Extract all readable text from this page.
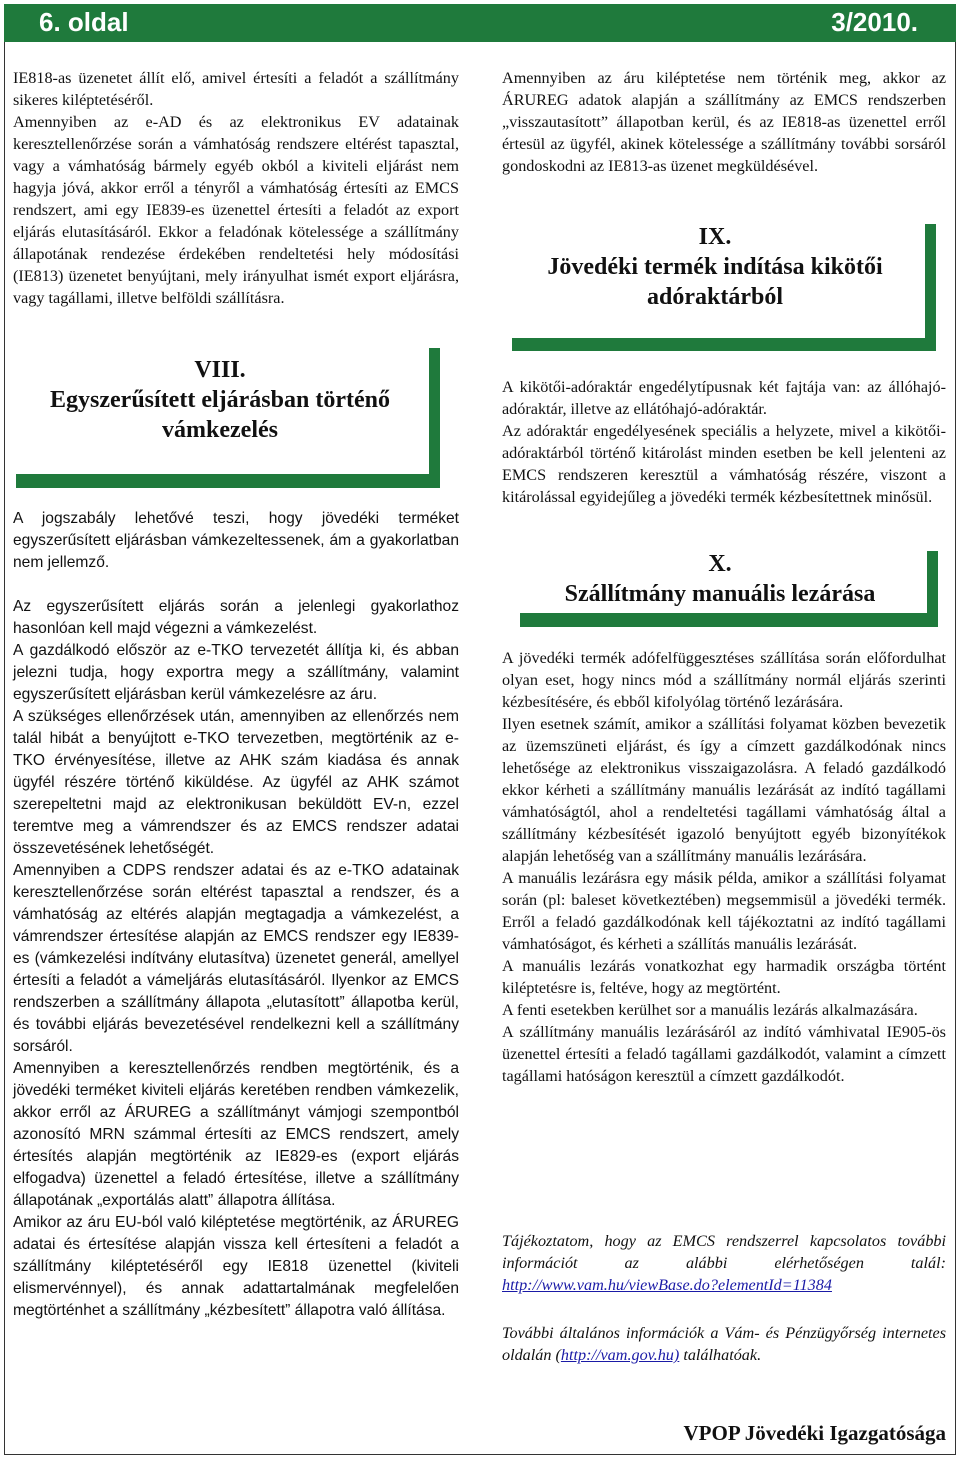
6. oldal	3/2010.

IE818-as üzenetet állít elő, amivel értesíti a feladót a szállítmány sikeres kiléptetéséről.

Amennyiben az e-AD és az elektronikus EV adatainak keresztellenőrzése során a vámhatóság rendszere eltérést tapasztal, vagy a vámhatóság bármely egyéb okból a kiviteli eljárást nem hagyja jóvá, akkor erről a tényről a vámhatóság értesíti az EMCS rendszert, ami egy IE839-es üzenettel értesíti a feladót az export eljárás elutasításáról. Ekkor a feladónak kötelessége a szállítmány állapotának rendezése érdekében rendeltetési hely módosítási (IE813) üzenetet benyújtani, mely irányulhat ismét export eljárásra, vagy tagállami, illetve belföldi szállításra.

VIII.
Egyszerűsített eljárásban történő vámkezelés

A jogszabály lehetővé teszi, hogy jövedéki terméket egyszerűsített eljárásban vámkezeltessenek, ám a gyakorlatban nem jellemző.

Az egyszerűsített eljárás során a jelenlegi gyakorlathoz hasonlóan kell majd végezni a vámkezelést.

A gazdálkodó először az e-TKO tervezetét állítja ki, és abban jelezni tudja, hogy exportra megy a szállítmány, valamint egyszerűsített eljárásban kerül vámkezelésre az áru.

A szükséges ellenőrzések után, amennyiben az ellenőrzés nem talál hibát a benyújtott e-TKO tervezetben, megtörténik az e-TKO érvényesítése, illetve az AHK szám kiadása és annak ügyfél részére történő kiküldése. Az ügyfél az AHK számot szerepeltetni majd az elektronikusan beküldött EV-n, ezzel teremtve meg a vámrendszer és az EMCS rendszer adatai összevetésének lehetőségét.

Amennyiben a CDPS rendszer adatai és az e-TKO adatainak keresztellenőrzése során eltérést tapasztal a rendszer, és a vámhatóság az eltérés alapján megtagadja a vámkezelést, a vámrendszer értesítése alapján az EMCS rendszer egy IE839-es (vámkezelési indítvány elutasítva) üzenetet generál, amellyel értesíti a feladót a vámeljárás elutasításáról. Ilyenkor az EMCS rendszerben a szállítmány állapota „elutasított” állapotba kerül, és további eljárás bevezetésével rendelkezni kell a szállítmány sorsáról.

Amennyiben a keresztellenőrzés rendben megtörténik, és a jövedéki terméket kiviteli eljárás keretében rendben vámkezelik, akkor erről az ÁRUREG a szállítmányt vámjogi szempontból azonosító MRN számmal értesíti az EMCS rendszert, amely értesítés alapján megtörténik az IE829-es (export eljárás elfogadva) üzenettel a feladó értesítése, illetve a szállítmány állapotának „exportálás alatt” állapotra állítása.

Amikor az áru EU-ból való kiléptetése megtörténik, az ÁRUREG adatai és értesítése alapján vissza kell értesíteni a feladót a szállítmány kiléptetéséről egy IE818 üzenettel (kiviteli elismervénnyel), és annak adattartalmának megfelelően megtörténhet a szállítmány „kézbesített” állapotra való állítása.

Amennyiben az áru kiléptetése nem történik meg, akkor az ÁRUREG adatok alapján a szállítmány az EMCS rendszerben „visszautasított” állapotban kerül, és az IE818-as üzenettel erről értesül az ügyfél, akinek kötelessége a szállítmány további sorsáról gondoskodni az IE813-as üzenet megküldésével.

IX.
Jövedéki termék indítása kikötői adóraktárból

A kikötői-adóraktár engedélytípusnak két fajtája van: az állóhajó-adóraktár, illetve az ellátóhajó-adóraktár.

Az adóraktár engedélyesének speciális a helyzete, mivel a kikötői-adóraktárból történő kitárolást minden esetben be kell jelenteni az EMCS rendszeren keresztül a vámhatóság részére, viszont a kitárolással egyidejűleg a jövedéki termék kézbesítettnek minősül.

X.
Szállítmány manuális lezárása

A jövedéki termék adófelfüggesztéses szállítása során előfordulhat olyan eset, hogy nincs mód a szállítmány normál eljárás szerinti kézbesítésére, és ebből kifolyólag történő lezárására.

Ilyen esetnek számít, amikor a szállítási folyamat közben bevezetik az üzemszüneti eljárást, és így a címzett gazdálkodónak nincs lehetősége az elektronikus visszaigazolásra. A feladó gazdálkodó ekkor kérheti a szállítmány manuális lezárását az indító tagállami vámhatóságtól, ahol a rendeltetési tagállami vámhatóság által a szállítmány kézbesítését igazoló benyújtott egyéb bizonyítékok alapján lehetőség van a szállítmány manuális lezárására.

A manuális lezárásra egy másik példa, amikor a szállítási folyamat során (pl: baleset következtében) megsemmisül a jövedéki termék. Erről a feladó gazdálkodónak kell tájékoztatni az indító tagállami vámhatóságot, és kérheti a szállítás manuális lezárását.

A manuális lezárás vonatkozhat egy harmadik országba történt kiléptetésre is, feltéve, hogy az megtörtént.

A fenti esetekben kerülhet sor a manuális lezárás alkalmazására.

A szállítmány manuális lezárásáról az indító vámhivatal IE905-ös üzenettel értesíti a feladó tagállami gazdálkodót, valamint a címzett tagállami hatóságon keresztül a címzett gazdálkodót.

Tájékoztatom, hogy az EMCS rendszerrel kapcsolatos további információt az alábbi elérhetőségen talál: http://www.vam.hu/viewBase.do?elementId=11384

További általános információk a Vám- és Pénzügyőrség internetes oldalán (http://vam.gov.hu) találhatóak.

VPOP Jövedéki Igazgatósága
